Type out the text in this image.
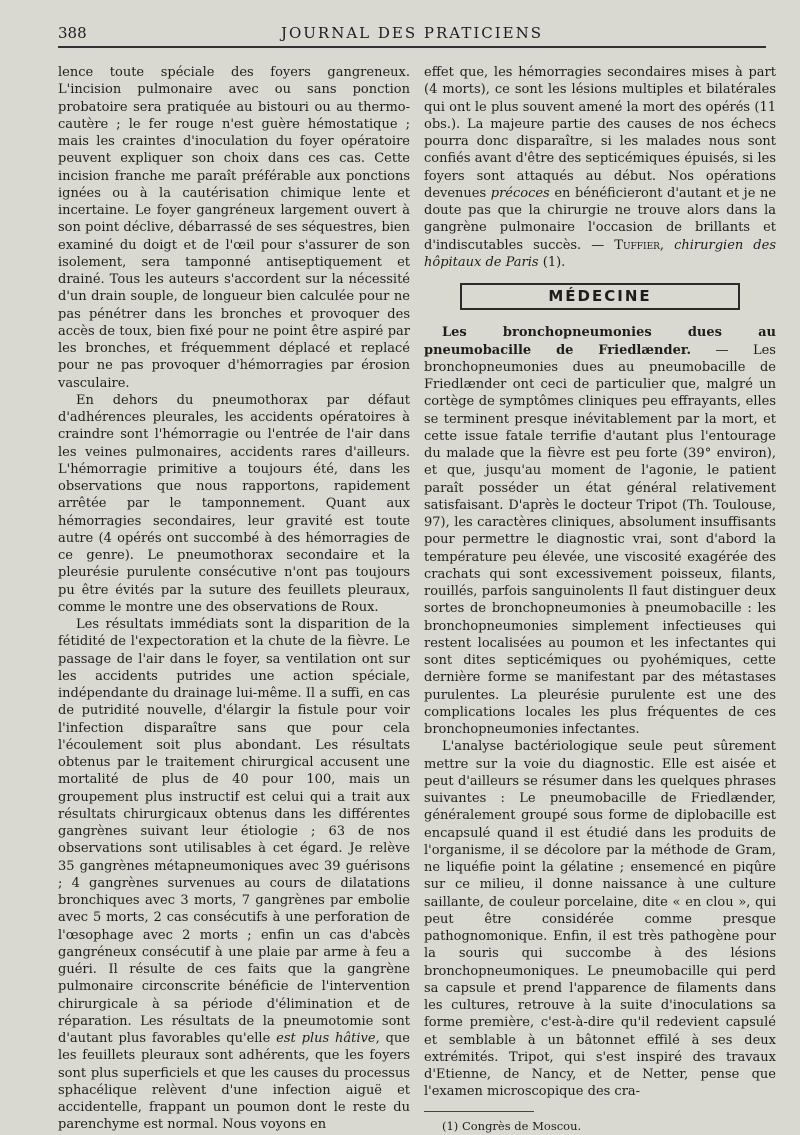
388	JOURNAL DES PRATICIENS

lence toute spéciale des foyers gangreneux. L'incision pulmonaire avec ou sans ponction probatoire sera pratiquée au bistouri ou au thermo-cautère ; le fer rouge n'est guère hémostatique ; mais les craintes d'inoculation du foyer opératoire peuvent expliquer son choix dans ces cas. Cette incision franche me paraît préférable aux ponctions ignées ou à la cautérisation chimique lente et incertaine. Le foyer gangréneux largement ouvert à son point déclive, débarrassé de ses séquestres, bien examiné du doigt et de l'œil pour s'assurer de son isolement, sera tamponné antiseptiquement et drainé. Tous les auteurs s'accordent sur la nécessité d'un drain souple, de longueur bien calculée pour ne pas pénétrer dans les bronches et provoquer des accès de toux, bien fixé pour ne point être aspiré par les bronches, et fréquemment déplacé et replacé pour ne pas provoquer d'hémorragies par érosion vasculaire.

En dehors du pneumothorax par défaut d'adhérences pleurales, les accidents opératoires à craindre sont l'hémorragie ou l'entrée de l'air dans les veines pulmonaires, accidents rares d'ailleurs. L'hémorragie primitive a toujours été, dans les observations que nous rapportons, rapidement arrêtée par le tamponnement. Quant aux hémorragies secondaires, leur gravité est toute autre (4 opérés ont succombé à des hémorragies de ce genre). Le pneumothorax secondaire et la pleurésie purulente consécutive n'ont pas toujours pu être évités par la suture des feuillets pleuraux, comme le montre une des observations de Roux.

Les résultats immédiats sont la disparition de la fétidité de l'expectoration et la chute de la fièvre. Le passage de l'air dans le foyer, sa ventilation ont sur les accidents putrides une action spéciale, indépendante du drainage lui-même. Il a suffi, en cas de putridité nouvelle, d'élargir la fistule pour voir l'infection disparaître sans que pour cela l'écoulement soit plus abondant. Les résultats obtenus par le traitement chirurgical accusent une mortalité de plus de 40 pour 100, mais un groupement plus instructif est celui qui a trait aux résultats chirurgicaux obtenus dans les différentes gangrènes suivant leur étiologie ; 63 de nos observations sont utilisables à cet égard. Je relève 35 gangrènes métapneumoniques avec 39 guérisons ; 4 gangrènes survenues au cours de dilatations bronchiques avec 3 morts, 7 gangrènes par embolie avec 5 morts, 2 cas consécutifs à une perforation de l'œsophage avec 2 morts ; enfin un cas d'abcès gangréneux consécutif à une plaie par arme à feu a guéri. Il résulte de ces faits que la gangrène pulmonaire circonscrite bénéficie de l'intervention chirurgicale à sa période d'élimination et de réparation. Les résultats de la pneumotomie sont d'autant plus favorables qu'elle est plus hâtive, que les feuillets pleuraux sont adhérents, que les foyers sont plus superficiels et que les causes du processus sphacélique relèvent d'une infection aiguë et accidentelle, frappant un poumon dont le reste du parenchyme est normal. Nous voyons en

effet que, les hémorragies secondaires mises à part (4 morts), ce sont les lésions multiples et bilatérales qui ont le plus souvent amené la mort des opérés (11 obs.). La majeure partie des causes de nos échecs pourra donc disparaître, si les malades nous sont confiés avant d'être des septicémiques épuisés, si les foyers sont attaqués au début. Nos opérations devenues précoces en bénéficieront d'autant et je ne doute pas que la chirurgie ne trouve alors dans la gangrène pulmonaire l'occasion de brillants et d'indiscutables succès. — Tuffier, chirurgien des hôpitaux de Paris (1).

MÉDECINE

Les bronchopneumonies dues au pneumobacille de Friedlænder. — Les bronchopneumonies dues au pneumobacille de Friedlænder ont ceci de particulier que, malgré un cortège de symptômes cliniques peu effrayants, elles se terminent presque inévitablement par la mort, et cette issue fatale terrifie d'autant plus l'entourage du malade que la fièvre est peu forte (39° environ), et que, jusqu'au moment de l'agonie, le patient paraît posséder un état général relativement satisfaisant. D'après le docteur Tripot (Th. Toulouse, 97), les caractères cliniques, absolument insuffisants pour permettre le diagnostic vrai, sont d'abord la température peu élevée, une viscosité exagérée des crachats qui sont excessivement poisseux, filants, rouillés, parfois sanguinolents Il faut distinguer deux sortes de bronchopneumonies à pneumobacille : les bronchopneumonies simplement infectieuses qui restent localisées au poumon et les infectantes qui sont dites septicémiques ou pyohémiques, cette dernière forme se manifestant par des métastases purulentes. La pleurésie purulente est une des complications locales les plus fréquentes de ces bronchopneumonies infectantes.

L'analyse bactériologique seule peut sûrement mettre sur la voie du diagnostic. Elle est aisée et peut d'ailleurs se résumer dans les quelques phrases suivantes : Le pneumobacille de Friedlænder, généralement groupé sous forme de diplobacille est encapsulé quand il est étudié dans les produits de l'organisme, il se décolore par la méthode de Gram, ne liquéfie point la gélatine ; ensemencé en piqûre sur ce milieu, il donne naissance à une culture saillante, de couleur porcelaine, dite « en clou », qui peut être considérée comme presque pathognomonique. Enfin, il est très pathogène pour la souris qui succombe à des lésions bronchopneumoniques. Le pneumobacille qui perd sa capsule et prend l'apparence de filaments dans les cultures, retrouve à la suite d'inoculations sa forme première, c'est-à-dire qu'il redevient capsulé et semblable à un bâtonnet effilé à ses deux extrémités. Tripot, qui s'est inspiré des travaux d'Etienne, de Nancy, et de Netter, pense que l'examen microscopique des cra-

(1) Congrès de Moscou.
